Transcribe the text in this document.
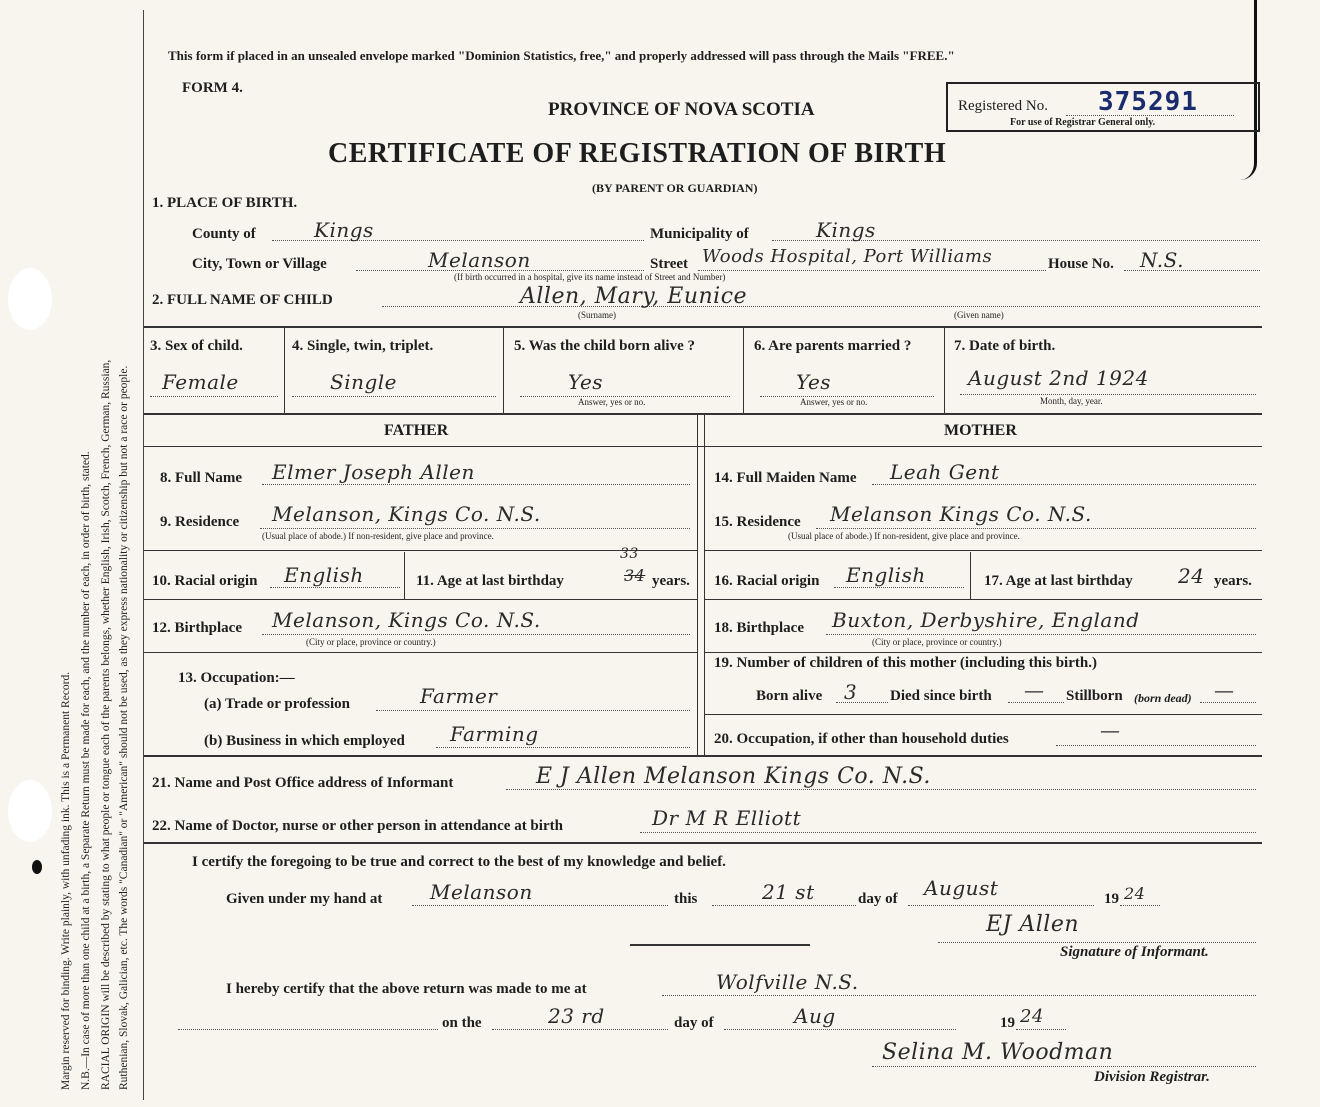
Margin reserved for binding. Write plainly, with unfading ink. This is a Permanent Record. N.B.—In case of more than one child at a birth, a Separate Return must be made for each, and the number of each, in order of birth, stated. RACIAL ORIGIN will be described by stating to what people or tongue each of the parents belongs, whether English, Irish, Scotch, French, German, Russian, Ruthenian, Slovak, Galician, etc. The words "Canadian" or "American" should not be used, as they express nationality or citizenship but not a race or people.
This form if placed in an unsealed envelope marked "Dominion Statistics, free," and properly addressed will pass through the Mails "FREE."
FORM 4.
PROVINCE OF NOVA SCOTIA	Registered No. 375291
For use of Registrar General only.
CERTIFICATE OF REGISTRATION OF BIRTH
(BY PARENT OR GUARDIAN)
1. PLACE OF BIRTH.
County of	Kings	Municipality of	Kings
City, Town or Village	Melanson	Street Woods Hospital, Port Williams	House No. N.S.
(If birth occurred in a hospital, give its name instead of Street and Number)
2. FULL NAME OF CHILD	Allen, Mary, Eunice
(Surname)	(Given name)
3. Sex of child.
Female
4. Single, twin, triplet.
Single
5. Was the child born alive ?
Yes
Answer, yes or no.
6. Are parents married ?
Yes
Answer, yes or no.
7. Date of birth.
August 2nd 1924
Month, day, year.
FATHER	MOTHER
8. Full Name Elmer Joseph Allen
9. Residence Melanson, Kings Co. N.S.
(Usual place of abode.) If non-resident, give place and province.
10. Racial origin English	11. Age at last birthday	34
33
years.
12. Birthplace Melanson, Kings Co. N.S.
(City or place, province or country.)
13. Occupation:—
(a) Trade or profession	Farmer
(b) Business in which employed Farming
14. Full Maiden Name Leah Gent
15. Residence Melanson Kings Co. N.S.
(Usual place of abode.) If non-resident, give place and province.
16. Racial origin English	17. Age at last birthday 24 years.
18. Birthplace Buxton, Derbyshire, England
(City or place, province or country.)
19. Number of children of this mother (including this birth.)
Born alive 3 Died since birth — Stillborn (born dead) —
20. Occupation, if other than household duties	—
21. Name and Post Office address of Informant	E J Allen Melanson Kings Co. N.S.
22. Name of Doctor, nurse or other person in attendance at birth	Dr M R Elliott
I certify the foregoing to be true and correct to the best of my knowledge and belief.
Given under my hand at Melanson	this	21 st	day of August	19 24
EJ Allen
Signature of Informant.
I hereby certify that the above return was made to me at	Wolfville N.S.
on the	23 rd	day of	Aug	19 24
Selina M. Woodman
Division Registrar.
